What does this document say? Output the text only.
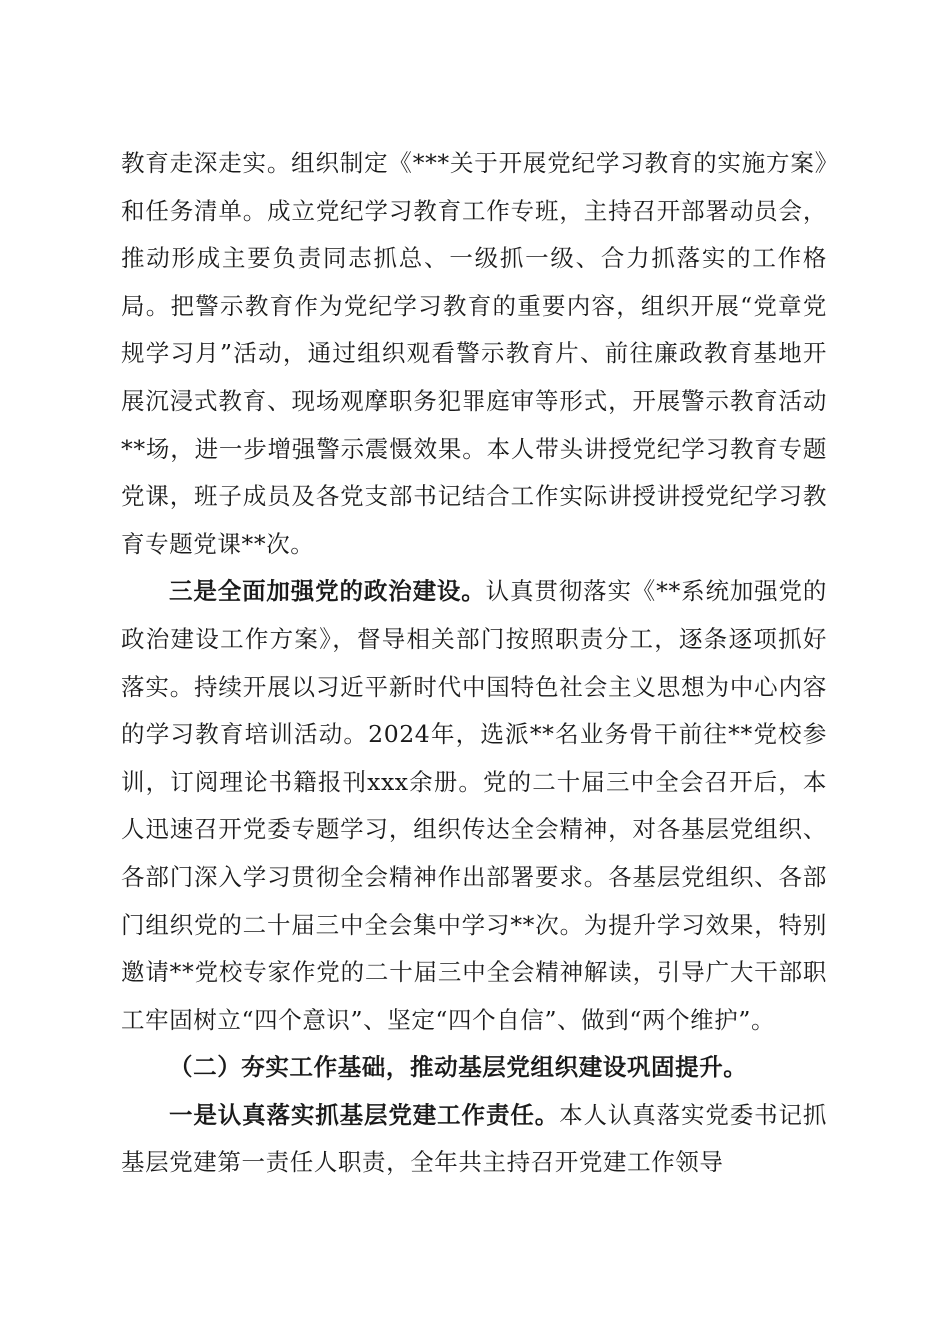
教育走深走实。组织制定《***关于开展党纪学习教育的实施方案》和任务清单。成立党纪学习教育工作专班，主持召开部署动员会，推动形成主要负责同志抓总、一级抓一级、合力抓落实的工作格局。把警示教育作为党纪学习教育的重要内容，组织开展“党章党规学习月”活动，通过组织观看警示教育片、前往廉政教育基地开展沉浸式教育、现场观摩职务犯罪庭审等形式，开展警示教育活动**场，进一步增强警示震慑效果。本人带头讲授党纪学习教育专题党课，班子成员及各党支部书记结合工作实际讲授讲授党纪学习教育专题党课**次。

三是全面加强党的政治建设。认真贯彻落实《**系统加强党的政治建设工作方案》，督导相关部门按照职责分工，逐条逐项抓好落实。持续开展以习近平新时代中国特色社会主义思想为中心内容的学习教育培训活动。2024年，选派**名业务骨干前往**党校参训，订阅理论书籍报刊xxx余册。党的二十届三中全会召开后，本人迅速召开党委专题学习，组织传达全会精神，对各基层党组织、各部门深入学习贯彻全会精神作出部署要求。各基层党组织、各部门组织党的二十届三中全会集中学习**次。为提升学习效果，特别邀请**党校专家作党的二十届三中全会精神解读，引导广大干部职工牢固树立“四个意识”、坚定“四个自信”、做到“两个维护”。

（二）夯实工作基础，推动基层党组织建设巩固提升。

一是认真落实抓基层党建工作责任。本人认真落实党委书记抓基层党建第一责任人职责，全年共主持召开党建工作领导
